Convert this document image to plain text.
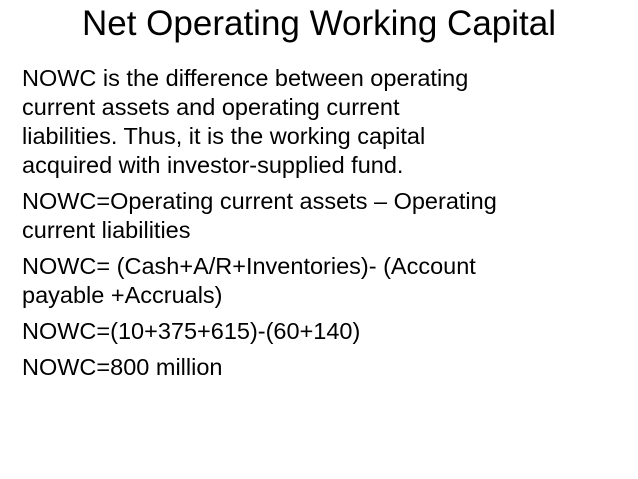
Net Operating Working Capital
NOWC is the difference between operating
current assets and operating current
liabilities. Thus, it is the working capital
acquired with investor-supplied fund.
NOWC=Operating current assets – Operating
current liabilities
NOWC= (Cash+A/R+Inventories)- (Account
payable +Accruals)
NOWC=(10+375+615)-(60+140)
NOWC=800 million
